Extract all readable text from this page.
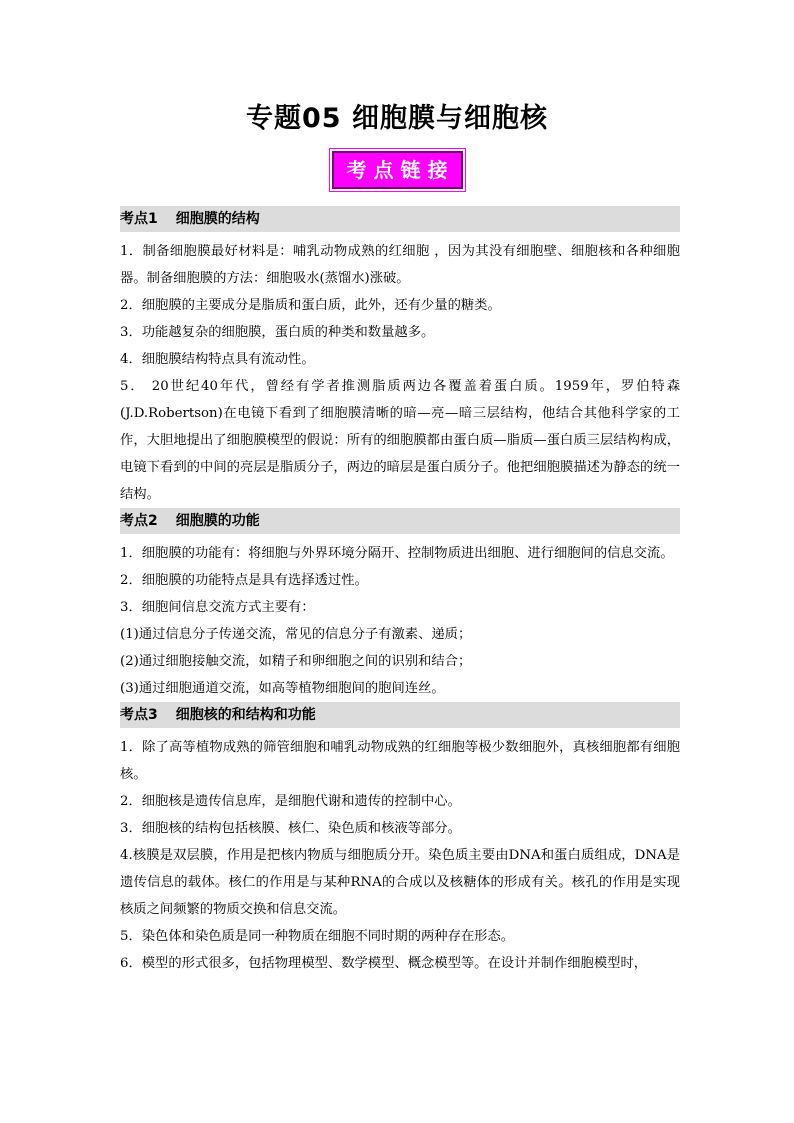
专题05 细胞膜与细胞核
考点链接
考点1 细胞膜的结构

1．制备细胞膜最好材料是：哺乳动物成熟的红细胞 ，因为其没有细胞壁、细胞核和各种细胞器。制备细胞膜的方法：细胞吸水(蒸馏水)涨破。

2．细胞膜的主要成分是脂质和蛋白质，此外，还有少量的糖类。

3．功能越复杂的细胞膜，蛋白质的种类和数量越多。

4．细胞膜结构特点具有流动性。

5． 20世纪40年代，曾经有学者推测脂质两边各覆盖着蛋白质。1959年，罗伯特森(J.D.Robertson)在电镜下看到了细胞膜清晰的暗—亮—暗三层结构，他结合其他科学家的工作，大胆地提出了细胞膜模型的假说：所有的细胞膜都由蛋白质—脂质—蛋白质三层结构构成，电镜下看到的中间的亮层是脂质分子，两边的暗层是蛋白质分子。他把细胞膜描述为静态的统一结构。

考点2 细胞膜的功能

1．细胞膜的功能有：将细胞与外界环境分隔开、控制物质进出细胞、进行细胞间的信息交流。

2．细胞膜的功能特点是具有选择透过性。

3．细胞间信息交流方式主要有：

(1)通过信息分子传递交流，常见的信息分子有激素、递质；

(2)通过细胞接触交流，如精子和卵细胞之间的识别和结合；

(3)通过细胞通道交流，如高等植物细胞间的胞间连丝。

考点3 细胞核的和结构和功能

1．除了高等植物成熟的筛管细胞和哺乳动物成熟的红细胞等极少数细胞外，真核细胞都有细胞核。

2．细胞核是遗传信息库，是细胞代谢和遗传的控制中心。

3．细胞核的结构包括核膜、核仁、染色质和核液等部分。

4.核膜是双层膜，作用是把核内物质与细胞质分开。染色质主要由DNA和蛋白质组成，DNA是遗传信息的载体。核仁的作用是与某种RNA的合成以及核糖体的形成有关。核孔的作用是实现核质之间频繁的物质交换和信息交流。

5．染色体和染色质是同一种物质在细胞不同时期的两种存在形态。

6．模型的形式很多，包括物理模型、数学模型、概念模型等。在设计并制作细胞模型时，
